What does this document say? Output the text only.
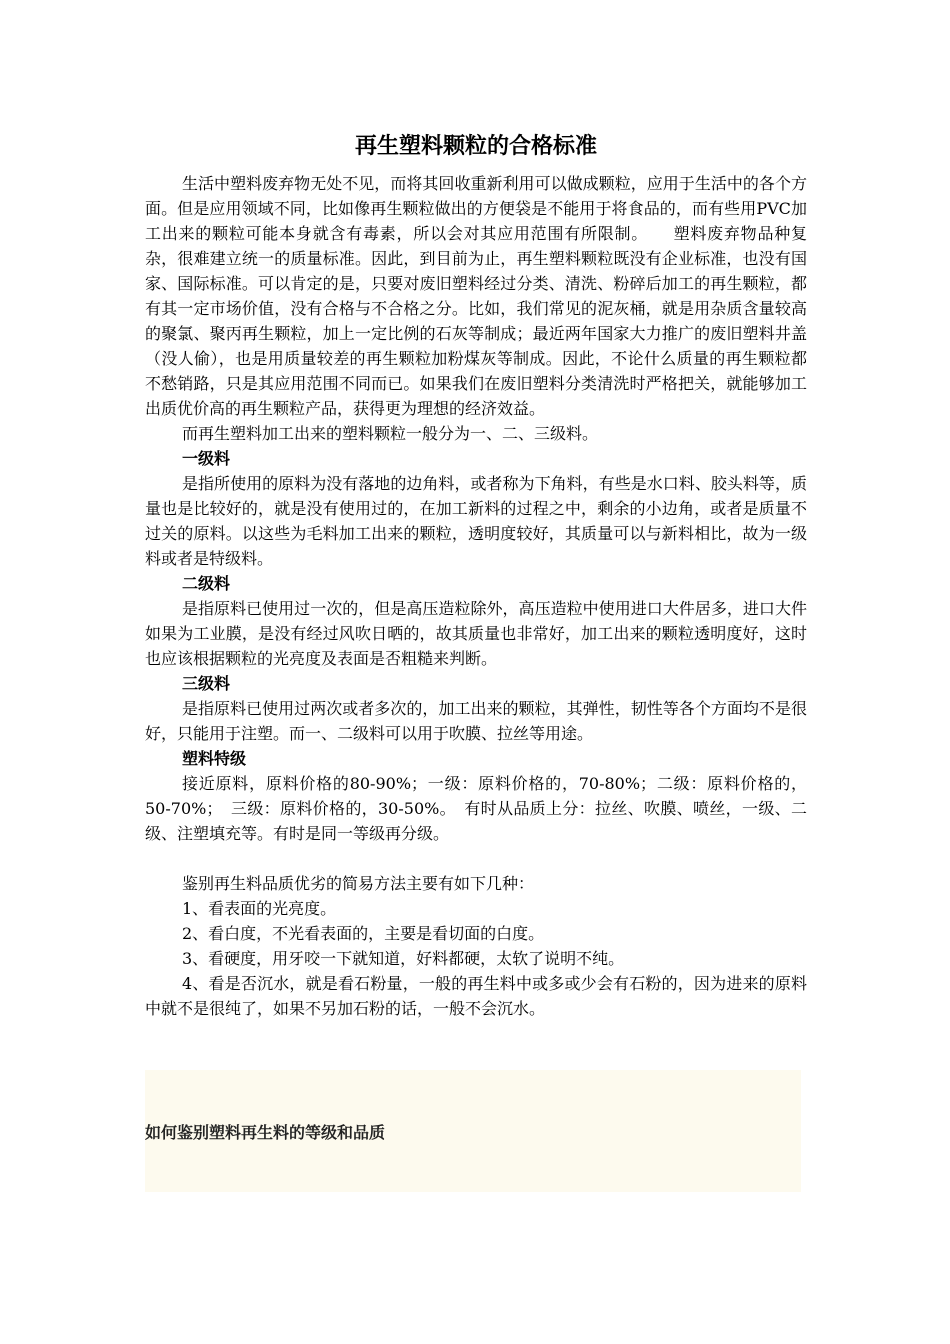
再生塑料颗粒的合格标准

生活中塑料废弃物无处不见，而将其回收重新利用可以做成颗粒，应用于生活中的各个方面。但是应用领域不同，比如像再生颗粒做出的方便袋是不能用于将食品的，而有些用PVC加工出来的颗粒可能本身就含有毒素，所以会对其应用范围有所限制。　　塑料废弃物品种复杂，很难建立统一的质量标准。因此，到目前为止，再生塑料颗粒既没有企业标准，也没有国家、国际标准。可以肯定的是，只要对废旧塑料经过分类、清洗、粉碎后加工的再生颗粒，都有其一定市场价值，没有合格与不合格之分。比如，我们常见的泥灰桶，就是用杂质含量较高的聚氯、聚丙再生颗粒，加上一定比例的石灰等制成；最近两年国家大力推广的废旧塑料井盖（没人偷），也是用质量较差的再生颗粒加粉煤灰等制成。因此，不论什么质量的再生颗粒都不愁销路，只是其应用范围不同而已。如果我们在废旧塑料分类清洗时严格把关，就能够加工出质优价高的再生颗粒产品，获得更为理想的经济效益。

而再生塑料加工出来的塑料颗粒一般分为一、二、三级料。

一级料

是指所使用的原料为没有落地的边角料，或者称为下角料，有些是水口料、胶头料等，质量也是比较好的，就是没有使用过的，在加工新料的过程之中，剩余的小边角，或者是质量不过关的原料。以这些为毛料加工出来的颗粒，透明度较好，其质量可以与新料相比，故为一级料或者是特级料。

二级料

是指原料已使用过一次的，但是高压造粒除外，高压造粒中使用进口大件居多，进口大件如果为工业膜，是没有经过风吹日晒的，故其质量也非常好，加工出来的颗粒透明度好，这时也应该根据颗粒的光亮度及表面是否粗糙来判断。

三级料

是指原料已使用过两次或者多次的，加工出来的颗粒，其弹性，韧性等各个方面均不是很好，只能用于注塑。而一、二级料可以用于吹膜、拉丝等用途。

塑料特级

接近原料，原料价格的80-90%；一级：原料价格的，70-80%；二级：原料价格的，50-70%；　三级：原料价格的，30-50%。　有时从品质上分：拉丝、吹膜、喷丝，一级、二级、注塑填充等。有时是同一等级再分级。

鉴别再生料品质优劣的简易方法主要有如下几种：

1、看表面的光亮度。

2、看白度，不光看表面的，主要是看切面的白度。

3、看硬度，用牙咬一下就知道，好料都硬，太软了说明不纯。

4、看是否沉水，就是看石粉量，一般的再生料中或多或少会有石粉的，因为进来的原料中就不是很纯了，如果不另加石粉的话，一般不会沉水。

如何鉴别塑料再生料的等级和品质
